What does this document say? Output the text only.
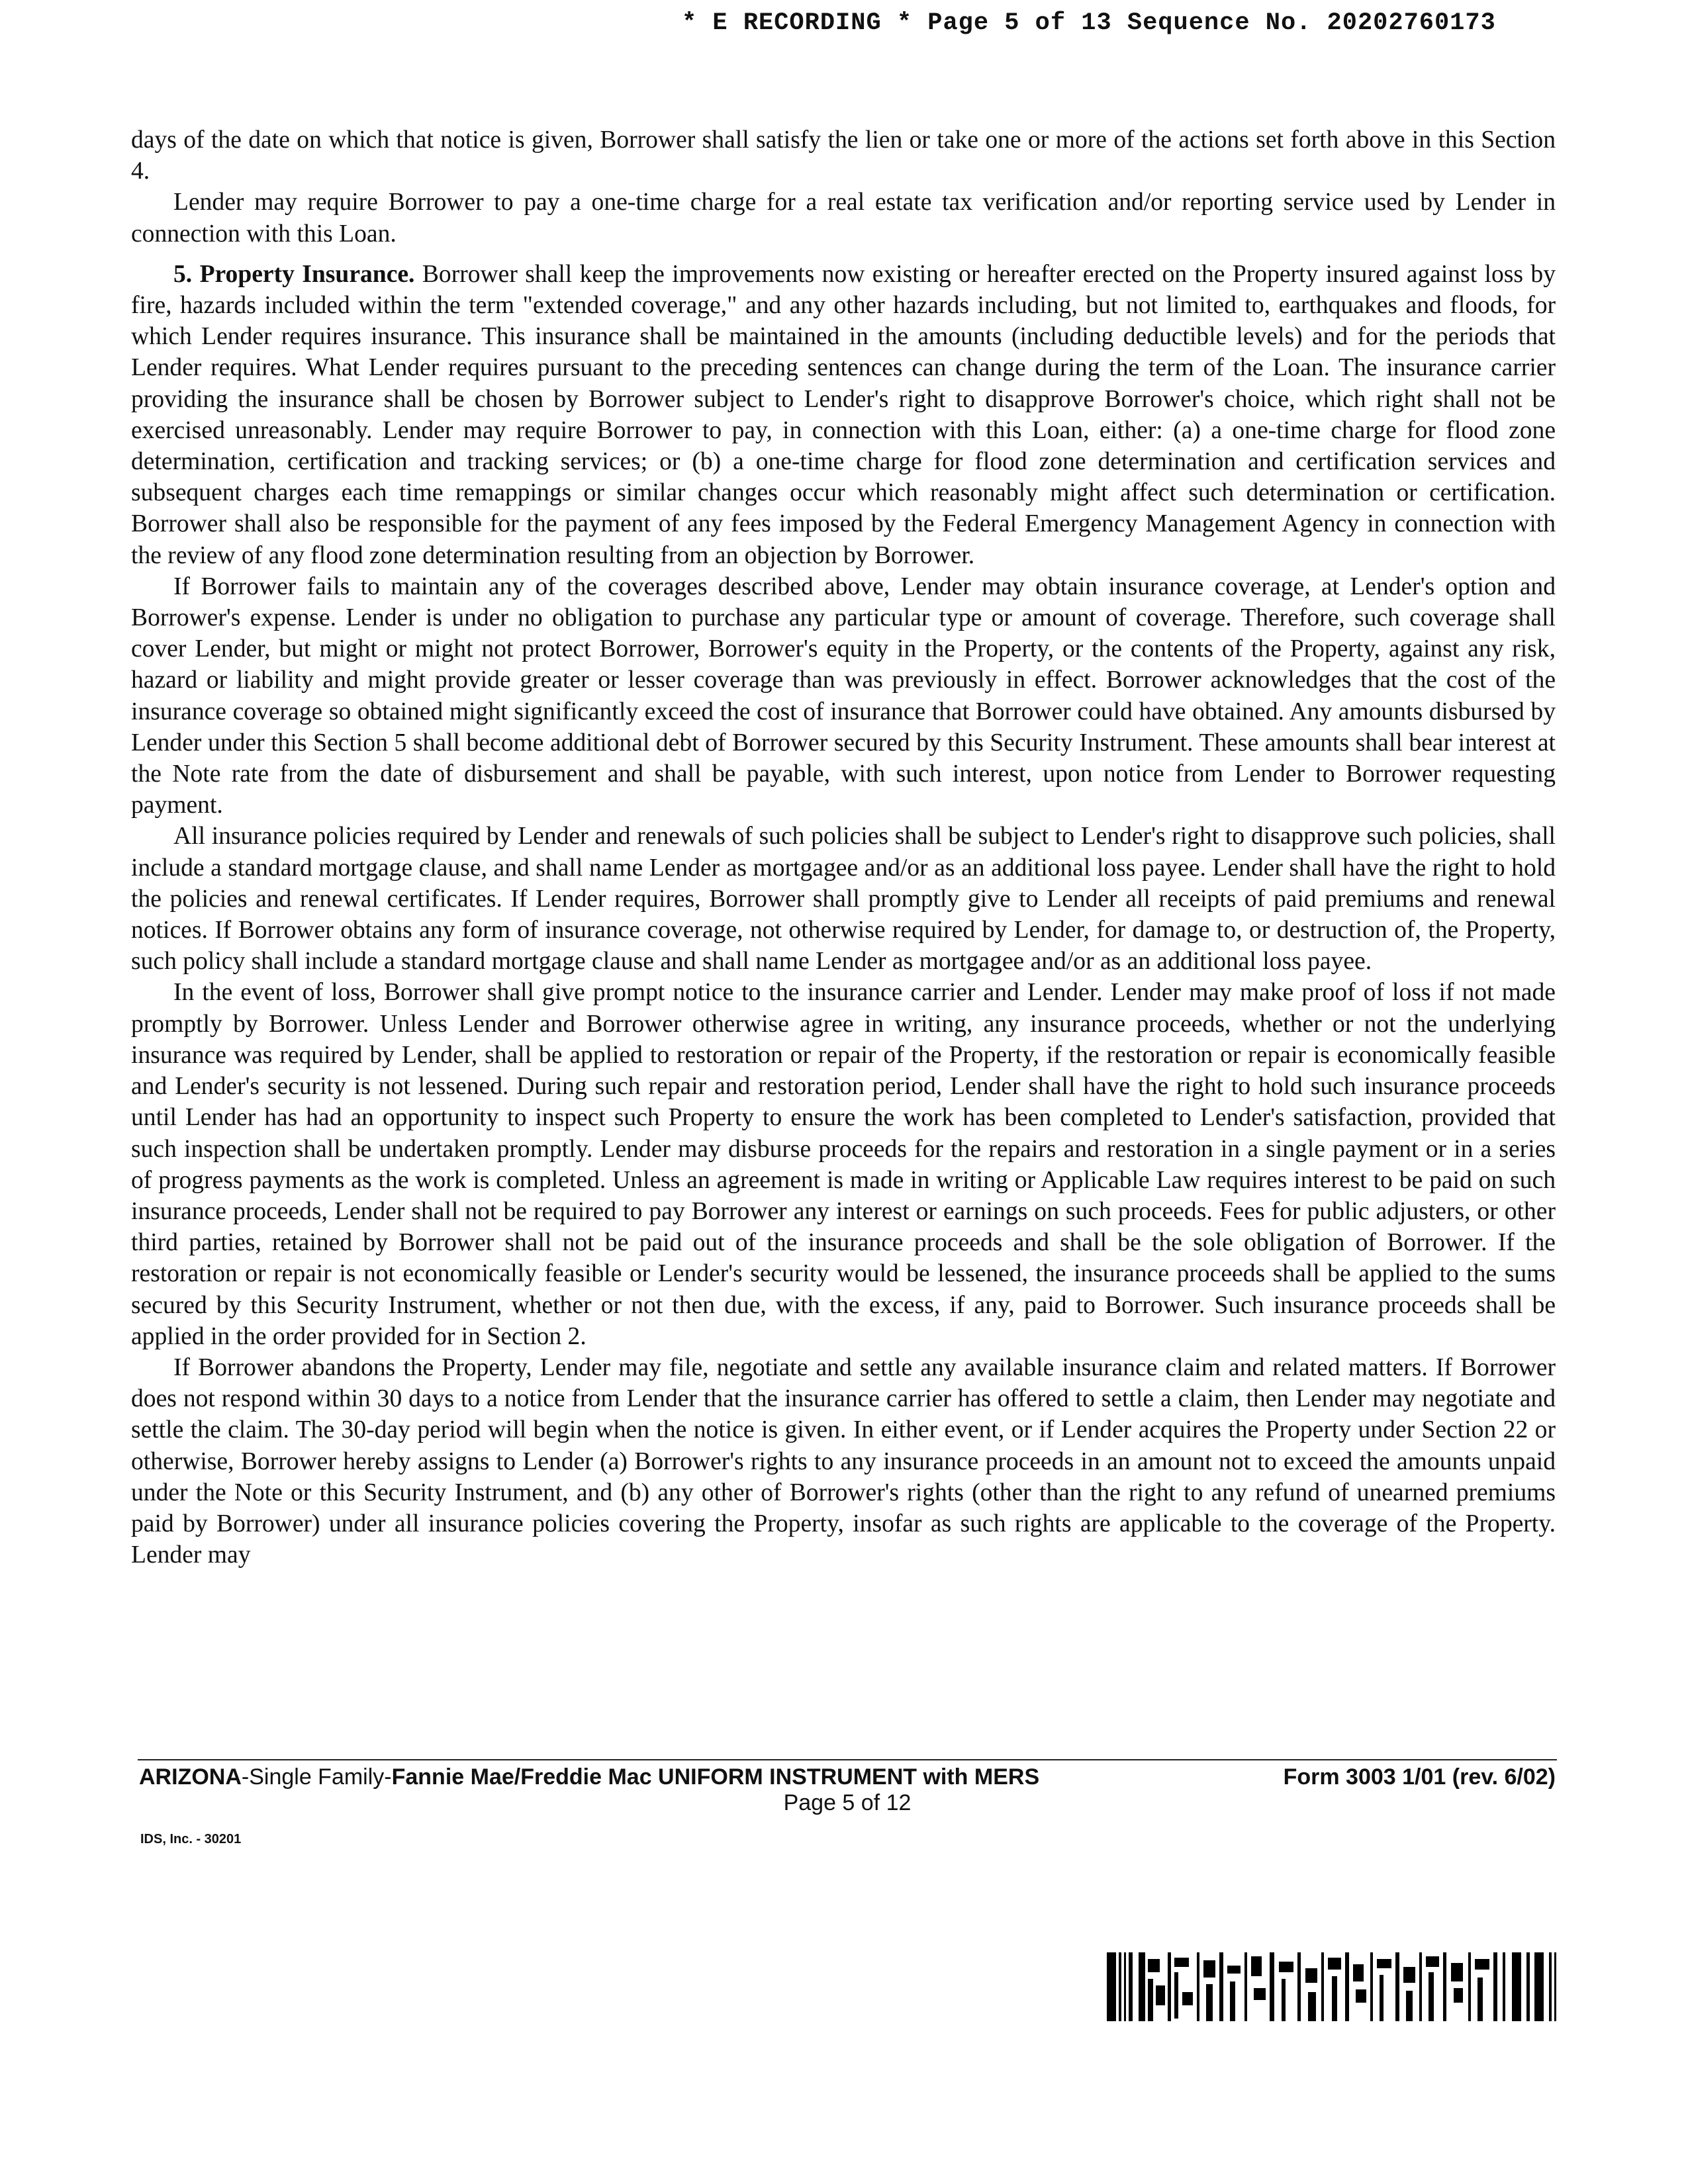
* E RECORDING * Page 5 of 13 Sequence No. 20202760173

days of the date on which that notice is given, Borrower shall satisfy the lien or take one or more of the actions set forth above in this Section 4.

Lender may require Borrower to pay a one-time charge for a real estate tax verification and/or reporting service used by Lender in connection with this Loan.

5. Property Insurance. Borrower shall keep the improvements now existing or hereafter erected on the Property insured against loss by fire, hazards included within the term "extended coverage," and any other hazards including, but not limited to, earthquakes and floods, for which Lender requires insurance. This insurance shall be maintained in the amounts (including deductible levels) and for the periods that Lender requires. What Lender requires pursuant to the preceding sentences can change during the term of the Loan. The insurance carrier providing the insurance shall be chosen by Borrower subject to Lender's right to disapprove Borrower's choice, which right shall not be exercised unreasonably. Lender may require Borrower to pay, in connection with this Loan, either: (a) a one-time charge for flood zone determination, certification and tracking services; or (b) a one-time charge for flood zone determination and certification services and subsequent charges each time remappings or similar changes occur which reasonably might affect such determination or certification. Borrower shall also be responsible for the payment of any fees imposed by the Federal Emergency Management Agency in connection with the review of any flood zone determination resulting from an objection by Borrower.

If Borrower fails to maintain any of the coverages described above, Lender may obtain insurance coverage, at Lender's option and Borrower's expense. Lender is under no obligation to purchase any particular type or amount of coverage. Therefore, such coverage shall cover Lender, but might or might not protect Borrower, Borrower's equity in the Property, or the contents of the Property, against any risk, hazard or liability and might provide greater or lesser coverage than was previously in effect. Borrower acknowledges that the cost of the insurance coverage so obtained might significantly exceed the cost of insurance that Borrower could have obtained. Any amounts disbursed by Lender under this Section 5 shall become additional debt of Borrower secured by this Security Instrument. These amounts shall bear interest at the Note rate from the date of disbursement and shall be payable, with such interest, upon notice from Lender to Borrower requesting payment.

All insurance policies required by Lender and renewals of such policies shall be subject to Lender's right to disapprove such policies, shall include a standard mortgage clause, and shall name Lender as mortgagee and/or as an additional loss payee. Lender shall have the right to hold the policies and renewal certificates. If Lender requires, Borrower shall promptly give to Lender all receipts of paid premiums and renewal notices. If Borrower obtains any form of insurance coverage, not otherwise required by Lender, for damage to, or destruction of, the Property, such policy shall include a standard mortgage clause and shall name Lender as mortgagee and/or as an additional loss payee.

In the event of loss, Borrower shall give prompt notice to the insurance carrier and Lender. Lender may make proof of loss if not made promptly by Borrower. Unless Lender and Borrower otherwise agree in writing, any insurance proceeds, whether or not the underlying insurance was required by Lender, shall be applied to restoration or repair of the Property, if the restoration or repair is economically feasible and Lender's security is not lessened. During such repair and restoration period, Lender shall have the right to hold such insurance proceeds until Lender has had an opportunity to inspect such Property to ensure the work has been completed to Lender's satisfaction, provided that such inspection shall be undertaken promptly. Lender may disburse proceeds for the repairs and restoration in a single payment or in a series of progress payments as the work is completed. Unless an agreement is made in writing or Applicable Law requires interest to be paid on such insurance proceeds, Lender shall not be required to pay Borrower any interest or earnings on such proceeds. Fees for public adjusters, or other third parties, retained by Borrower shall not be paid out of the insurance proceeds and shall be the sole obligation of Borrower. If the restoration or repair is not economically feasible or Lender's security would be lessened, the insurance proceeds shall be applied to the sums secured by this Security Instrument, whether or not then due, with the excess, if any, paid to Borrower. Such insurance proceeds shall be applied in the order provided for in Section 2.

If Borrower abandons the Property, Lender may file, negotiate and settle any available insurance claim and related matters. If Borrower does not respond within 30 days to a notice from Lender that the insurance carrier has offered to settle a claim, then Lender may negotiate and settle the claim. The 30-day period will begin when the notice is given. In either event, or if Lender acquires the Property under Section 22 or otherwise, Borrower hereby assigns to Lender (a) Borrower's rights to any insurance proceeds in an amount not to exceed the amounts unpaid under the Note or this Security Instrument, and (b) any other of Borrower's rights (other than the right to any refund of unearned premiums paid by Borrower) under all insurance policies covering the Property, insofar as such rights are applicable to the coverage of the Property. Lender may

ARIZONA-Single Family-Fannie Mae/Freddie Mac UNIFORM INSTRUMENT with MERS	Form 3003 1/01 (rev. 6/02)
Page 5 of 12
IDS, Inc. - 30201
